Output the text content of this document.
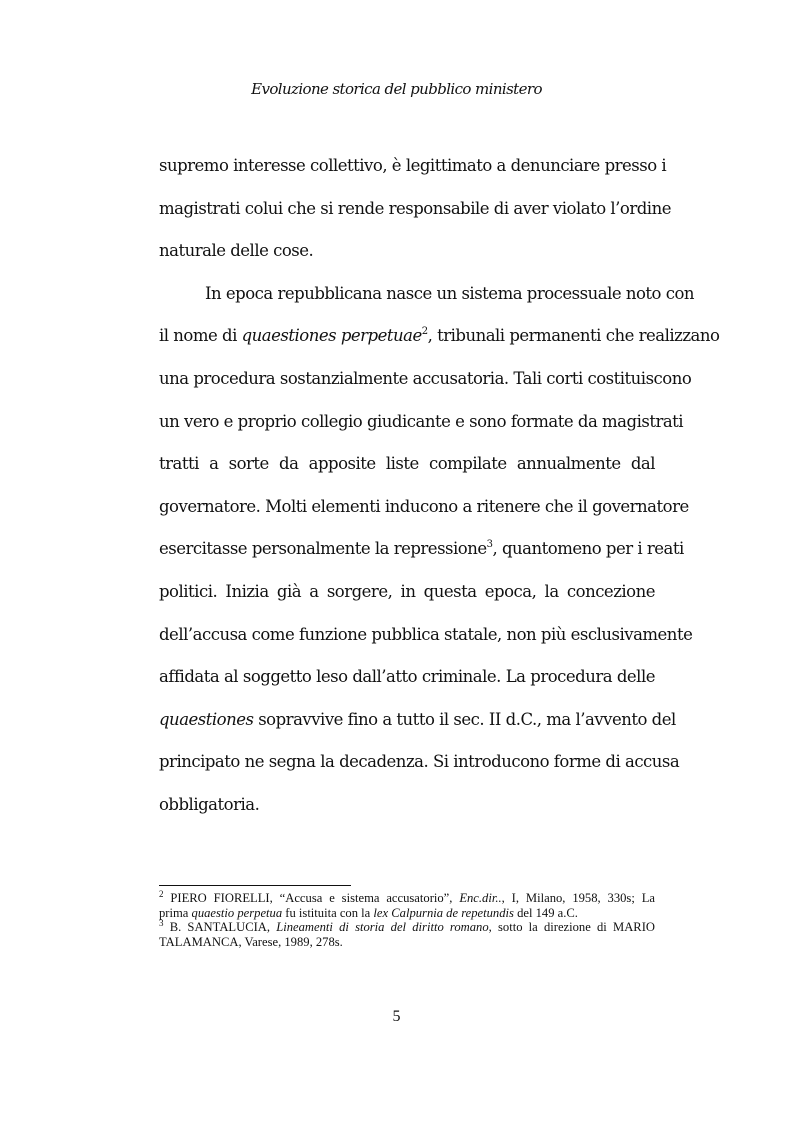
Evoluzione storica del pubblico ministero
supremo interesse collettivo, è legittimato a denunciare presso i
magistrati colui che si rende responsabile di aver violato l’ordine
naturale delle cose.
In epoca repubblicana nasce un sistema processuale noto con
il nome di quaestiones perpetuae$^2$, tribunali permanenti che realizzano
una procedura sostanzialmente accusatoria. Tali corti costituiscono
un vero e proprio collegio giudicante e sono formate da magistrati
tratti a sorte da apposite liste compilate annualmente dal
governatore. Molti elementi inducono a ritenere che il governatore
esercitasse personalmente la repressione$^3$, quantomeno per i reati
politici. Inizia già a sorgere, in questa epoca, la concezione
dell’accusa come funzione pubblica statale, non più esclusivamente
affidata al soggetto leso dall’atto criminale. La procedura delle
quaestiones sopravvive fino a tutto il sec. II d.C., ma l’avvento del
principato ne segna la decadenza. Si introducono forme di accusa
obbligatoria.
$^2$ PIERO FIORELLI, “Accusa e sistema accusatorio”, Enc.dir.., I, Milano, 1958, 330s; La
prima quaestio perpetua fu istituita con la lex Calpurnia de repetundis del 149 a.C.
$^3$ B. SANTALUCIA, Lineamenti di storia del diritto romano, sotto la direzione di MARIO
TALAMANCA, Varese, 1989, 278s.
5
